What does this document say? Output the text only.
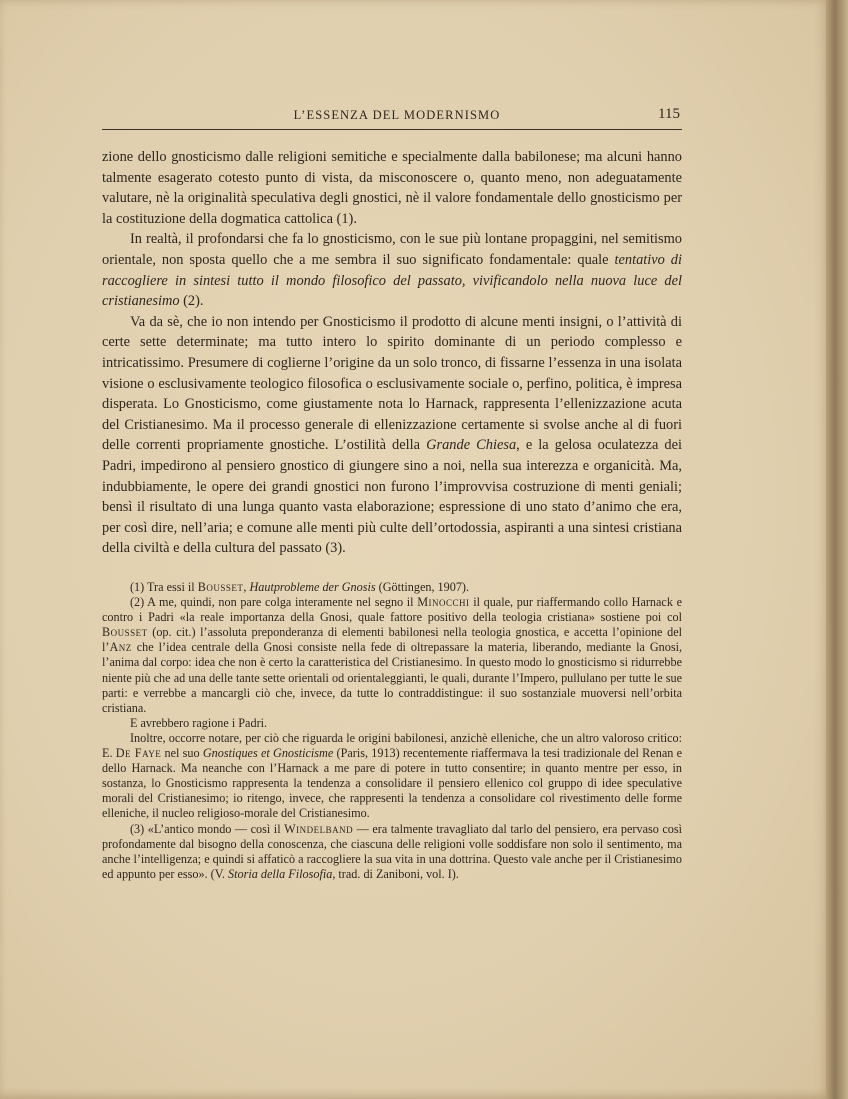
L’ESSENZA DEL MODERNISMO	115

zione dello gnosticismo dalle religioni semitiche e specialmente dalla babilonese; ma alcuni hanno talmente esagerato cotesto punto di vista, da misconoscere o, quanto meno, non adeguatamente valutare, nè la originalità speculativa degli gnostici, nè il valore fondamentale dello gnosticismo per la costituzione della dogmatica cattolica (1).

In realtà, il profondarsi che fa lo gnosticismo, con le sue più lontane propaggini, nel semitismo orientale, non sposta quello che a me sembra il suo significato fondamentale: quale tentativo di raccogliere in sintesi tutto il mondo filosofico del passato, vivificandolo nella nuova luce del cristianesimo (2).

Va da sè, che io non intendo per Gnosticismo il prodotto di alcune menti insigni, o l’attività di certe sette determinate; ma tutto intero lo spirito dominante di un periodo complesso e intricatissimo. Presumere di coglierne l’origine da un solo tronco, di fissarne l’essenza in una isolata visione o esclusivamente teologico filosofica o esclusivamente sociale o, perfino, politica, è impresa disperata. Lo Gnosticismo, come giustamente nota lo Harnack, rappresenta l’ellenizzazione acuta del Cristianesimo. Ma il processo generale di ellenizzazione certamente si svolse anche al di fuori delle correnti propriamente gnostiche. L’ostilità della Grande Chiesa, e la gelosa oculatezza dei Padri, impedirono al pensiero gnostico di giungere sino a noi, nella sua interezza e organicità. Ma, indubbiamente, le opere dei grandi gnostici non furono l’improvvisa costruzione di menti geniali; bensì il risultato di una lunga quanto vasta elaborazione; espressione di uno stato d’animo che era, per così dire, nell’aria; e comune alle menti più culte dell’ortodossia, aspiranti a una sintesi cristiana della civiltà e della cultura del passato (3).

(1) Tra essi il Bousset, Hautprobleme der Gnosis (Göttingen, 1907).

(2) A me, quindi, non pare colga interamente nel segno il Minocchi il quale, pur riaffermando collo Harnack e contro i Padri «la reale importanza della Gnosi, quale fattore positivo della teologia cristiana» sostiene poi col Bousset (op. cit.) l’assoluta preponderanza di elementi babilonesi nella teologia gnostica, e accetta l’opinione del l’Anz che l’idea centrale della Gnosi consiste nella fede di oltrepassare la materia, liberando, mediante la Gnosi, l’anima dal corpo: idea che non è certo la caratteristica del Cristianesimo. In questo modo lo gnosticismo si ridurrebbe niente più che ad una delle tante sette orientali od orientaleggianti, le quali, durante l’Impero, pullulano per tutte le sue parti: e verrebbe a mancargli ciò che, invece, da tutte lo contraddistingue: il suo sostanziale muoversi nell’orbita cristiana.

E avrebbero ragione i Padri.

Inoltre, occorre notare, per ciò che riguarda le origini babilonesi, anzichè elleniche, che un altro valoroso critico: E. De Faye nel suo Gnostiques et Gnosticisme (Paris, 1913) recentemente riaffermava la tesi tradizionale del Renan e dello Harnack. Ma neanche con l’Harnack a me pare di potere in tutto consentire; in quanto mentre per esso, in sostanza, lo Gnosticismo rappresenta la tendenza a consolidare il pensiero ellenico col gruppo di idee speculative morali del Cristianesimo; io ritengo, invece, che rappresenti la tendenza a consolidare col rivestimento delle forme elleniche, il nucleo religioso-morale del Cristianesimo.

(3) «L’antico mondo — così il Windelband — era talmente travagliato dal tarlo del pensiero, era pervaso così profondamente dal bisogno della conoscenza, che ciascuna delle religioni volle soddisfare non solo il sentimento, ma anche l’intelligenza; e quindi si affaticò a raccogliere la sua vita in una dottrina. Questo vale anche per il Cristianesimo ed appunto per esso». (V. Storia della Filosofia, trad. di Zaniboni, vol. I).
